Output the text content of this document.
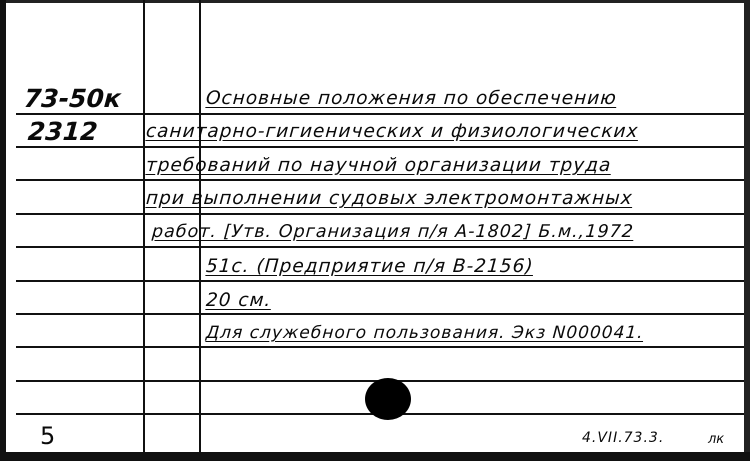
73-50к
2312
Основные положения по обеспечению
санитарно-гигиенических и физиологических
требований по научной организации труда
при выполнении судовых электромонтажных
работ. [Утв. Организация п/я А-1802] Б.м.,1972
51с. (Предприятие п/я В-2156)
20 см.
Для служебного пользования. Экз N000041.
5	4.VII.73.3.	лк
